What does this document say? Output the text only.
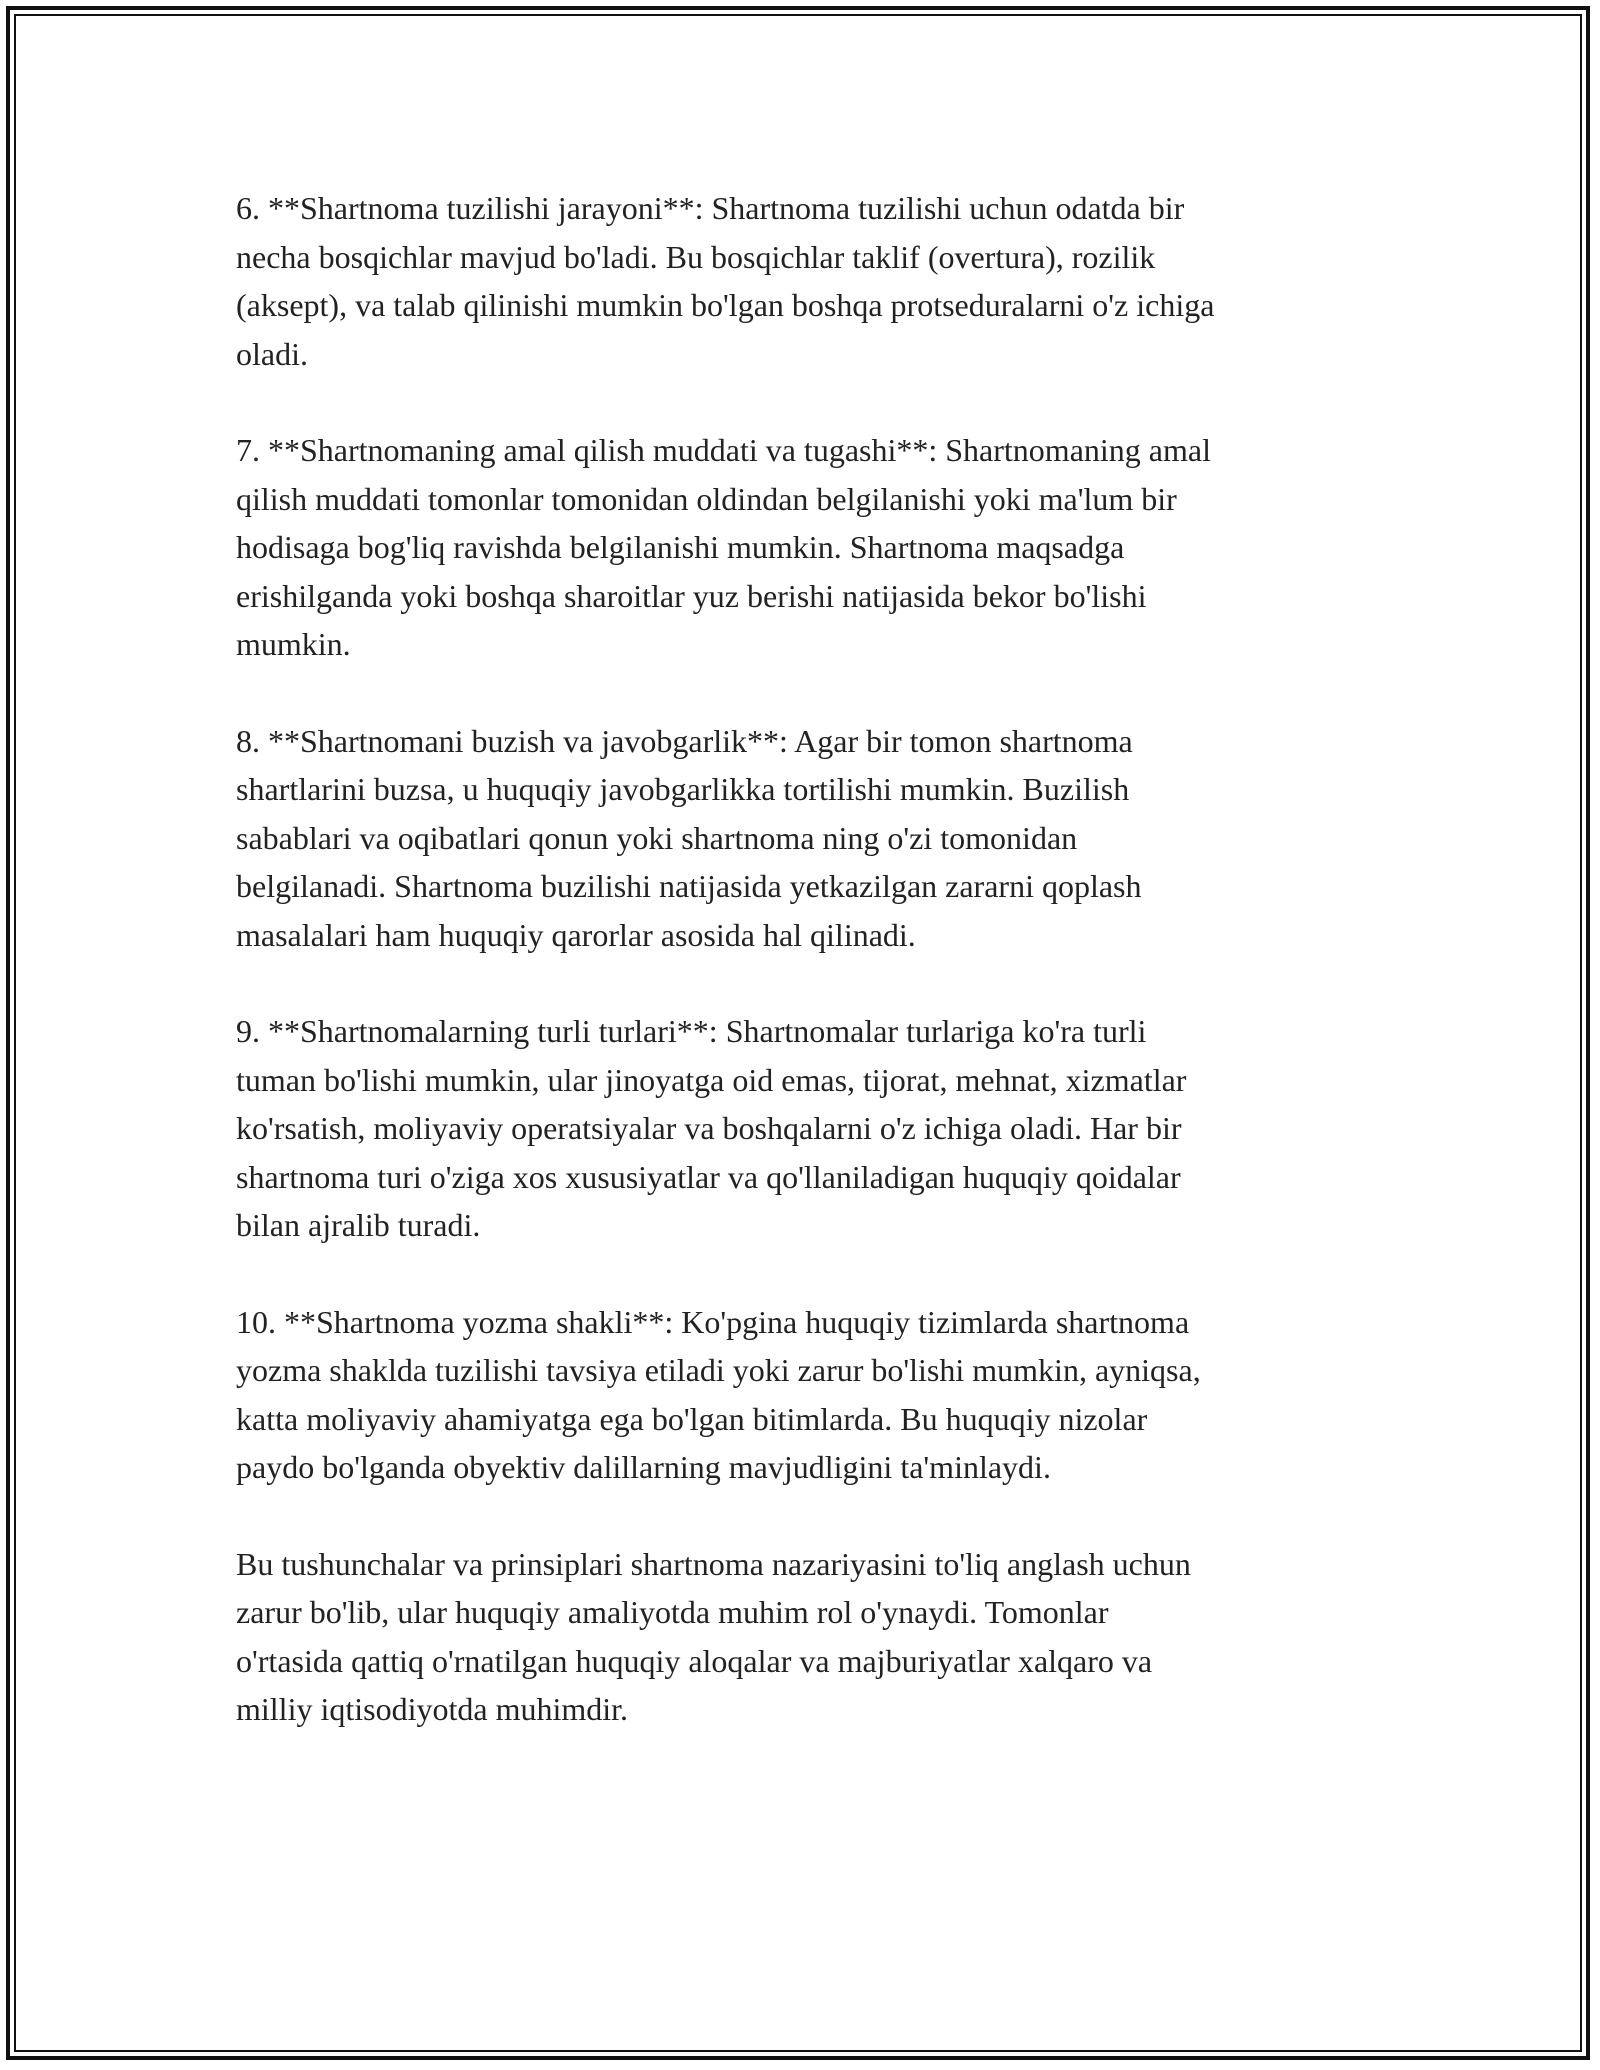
6. **Shartnoma tuzilishi jarayoni**: Shartnoma tuzilishi uchun odatda bir
necha bosqichlar mavjud bo'ladi. Bu bosqichlar taklif (overtura), rozilik
(aksept), va talab qilinishi mumkin bo'lgan boshqa protseduralarni o'z ichiga
oladi.

7. **Shartnomaning amal qilish muddati va tugashi**: Shartnomaning amal
qilish muddati tomonlar tomonidan oldindan belgilanishi yoki ma'lum bir
hodisaga bog'liq ravishda belgilanishi mumkin. Shartnoma maqsadga
erishilganda yoki boshqa sharoitlar yuz berishi natijasida bekor bo'lishi
mumkin.

8. **Shartnomani buzish va javobgarlik**: Agar bir tomon shartnoma
shartlarini buzsa, u huquqiy javobgarlikka tortilishi mumkin. Buzilish
sabablari va oqibatlari qonun yoki shartnoma ning o'zi tomonidan
belgilanadi. Shartnoma buzilishi natijasida yetkazilgan zararni qoplash
masalalari ham huquqiy qarorlar asosida hal qilinadi.

9. **Shartnomalarning turli turlari**: Shartnomalar turlariga ko'ra turli
tuman bo'lishi mumkin, ular jinoyatga oid emas, tijorat, mehnat, xizmatlar
ko'rsatish, moliyaviy operatsiyalar va boshqalarni o'z ichiga oladi. Har bir
shartnoma turi o'ziga xos xususiyatlar va qo'llaniladigan huquqiy qoidalar
bilan ajralib turadi.

10. **Shartnoma yozma shakli**: Ko'pgina huquqiy tizimlarda shartnoma
yozma shakldа tuzilishi tavsiya etiladi yoki zarur bo'lishi mumkin, ayniqsa,
katta moliyaviy ahamiyatga ega bo'lgan bitimlarda. Bu huquqiy nizolar
paydo bo'lganda obyektiv dalillarning mavjudligini ta'minlaydi.

Bu tushunchalar va prinsiplari shartnoma nazariyasini to'liq anglash uchun
zarur bo'lib, ular huquqiy amaliyotda muhim rol o'ynaydi. Tomonlar
o'rtasida qattiq o'rnatilgan huquqiy aloqalar va majburiyatlar xalqaro va
milliy iqtisodiyotda muhimdir.
